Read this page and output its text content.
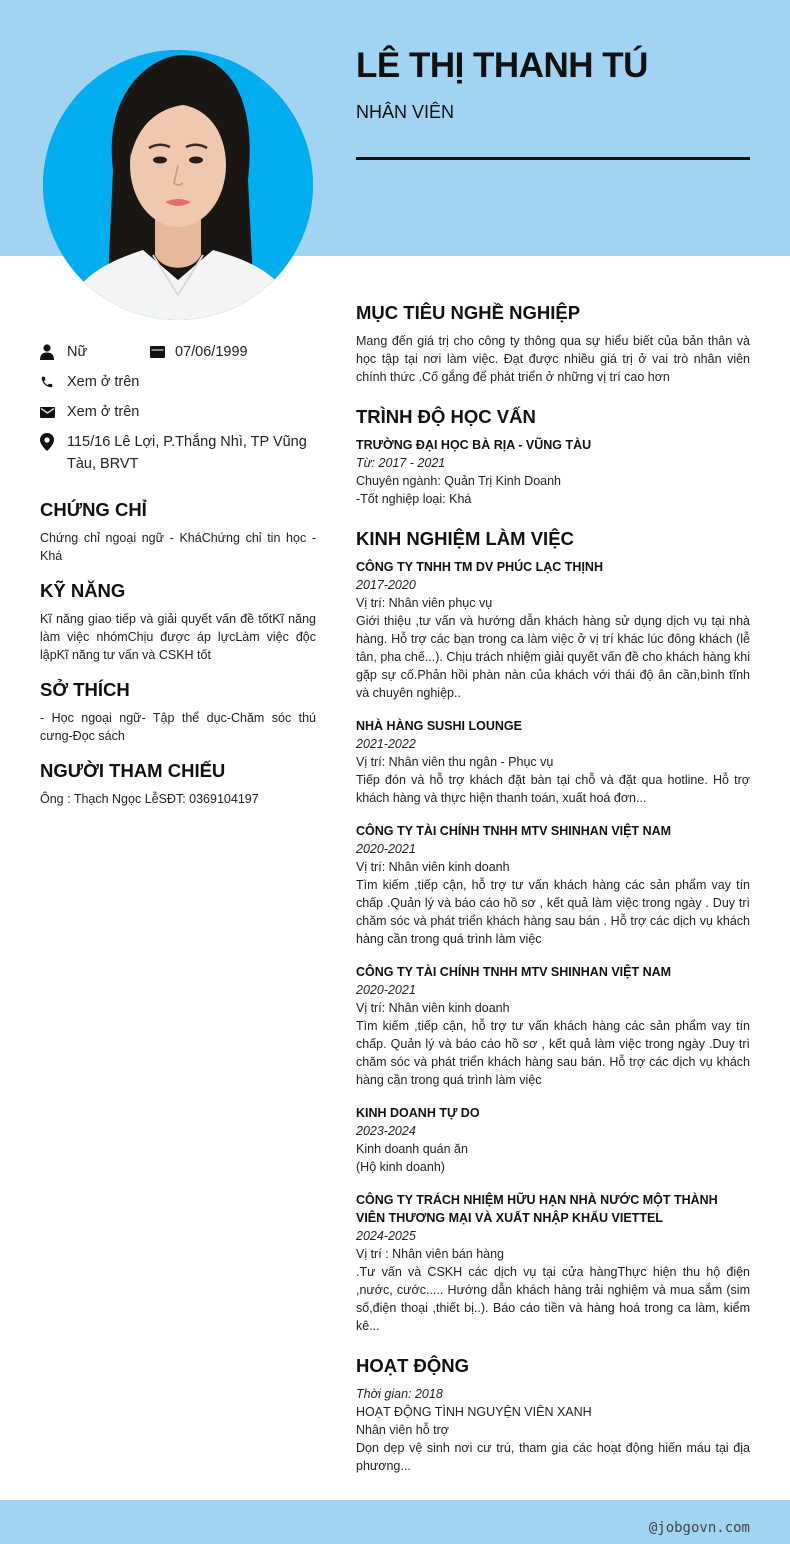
LÊ THỊ THANH TÚ
NHÂN VIÊN
Nữ	07/06/1999
Xem ở trên
Xem ở trên
115/16 Lê Lợi, P.Thắng Nhì, TP Vũng Tàu, BRVT
CHỨNG CHỈ
Chứng chỉ ngoại ngữ - KháChứng chỉ tin học - Khá
KỸ NĂNG
Kĩ năng giao tiếp và giải quyết vấn đề tốtKĩ năng làm việc nhómChịu được áp lựcLàm việc độc lậpKĩ năng tư vấn và CSKH tốt
SỞ THÍCH
- Học ngoại ngữ- Tập thể dục-Chăm sóc thú cưng-Đọc sách
NGƯỜI THAM CHIẾU
Ông : Thạch Ngọc LễSĐT: 0369104197
MỤC TIÊU NGHỀ NGHIỆP
Mang đến giá trị cho công ty thông qua sự hiểu biết của bản thân và học tập tại nơi làm việc. Đạt được nhiều giá trị ở vai trò nhân viên chính thức .Cố gắng để phát triển ở những vị trí cao hơn
TRÌNH ĐỘ HỌC VẤN
TRƯỜNG ĐẠI HỌC BÀ RỊA - VŨNG TÀU
Từ: 2017 - 2021
Chuyên ngành: Quản Trị Kinh Doanh
-Tốt nghiệp loại: Khá
KINH NGHIỆM LÀM VIỆC
CÔNG TY TNHH TM DV PHÚC LẠC THỊNH
2017-2020
Vị trí: Nhân viên phục vụ
Giới thiệu ,tư vấn và hướng dẫn khách hàng sử dụng dịch vụ tại nhà hàng. Hỗ trợ các bạn trong ca làm việc ở vị trí khác lúc đông khách (lễ tân, pha chế...). Chịu trách nhiệm giải quyết vấn đề cho khách hàng khi gặp sự cố.Phản hồi phàn nàn của khách với thái độ ân cần,bình tĩnh và chuyên nghiệp..
NHÀ HÀNG SUSHI LOUNGE
2021-2022
Vị trí: Nhân viên thu ngân - Phục vụ
Tiếp đón và hỗ trợ khách đặt bàn tại chỗ và đặt qua hotline. Hỗ trợ khách hàng và thực hiện thanh toán, xuất hoá đơn...
CÔNG TY TÀI CHÍNH TNHH MTV SHINHAN VIỆT NAM
2020-2021
Vị trí: Nhân viên kinh doanh
Tìm kiếm ,tiếp cận, hỗ trợ tư vấn khách hàng các sản phẩm vay tín chấp .Quản lý và báo cáo hồ sơ , kết quả làm việc trong ngày . Duy trì chăm sóc và phát triển khách hàng sau bán . Hỗ trợ các dịch vụ khách hàng cần trong quá trình làm việc
CÔNG TY TÀI CHÍNH TNHH MTV SHINHAN VIỆT NAM
2020-2021
Vị trí: Nhân viên kinh doanh
Tìm kiếm ,tiếp cận, hỗ trợ tư vấn khách hàng các sản phẩm vay tín chấp. Quản lý và báo cáo hồ sơ , kết quả làm việc trong ngày .Duy trì chăm sóc và phát triển khách hàng sau bán. Hỗ trợ các dịch vụ khách hàng cần trong quá trình làm việc
KINH DOANH TỰ DO
2023-2024
Kinh doanh quán ăn
(Hộ kinh doanh)
CÔNG TY TRÁCH NHIỆM HỮU HẠN NHÀ NƯỚC MỘT THÀNH VIÊN THƯƠNG MẠI VÀ XUẤT NHẬP KHẨU VIETTEL
2024-2025
Vị trí : Nhân viên bán hàng
.Tư vấn và CSKH các dịch vụ tại cửa hàngThực hiện thu hộ điện ,nước, cước..... Hướng dẫn khách hàng trải nghiệm và mua sắm (sim số,điện thoại ,thiết bị..). Báo cáo tiền và hàng hoá trong ca làm, kiểm kê...
HOẠT ĐỘNG
Thời gian: 2018
HOẠT ĐỘNG TÌNH NGUYỆN VIÊN XANH
Nhân viên hỗ trợ
Dọn dẹp vệ sinh nơi cư trú, tham gia các hoạt động hiến máu tại địa phương...
@jobgovn.com
